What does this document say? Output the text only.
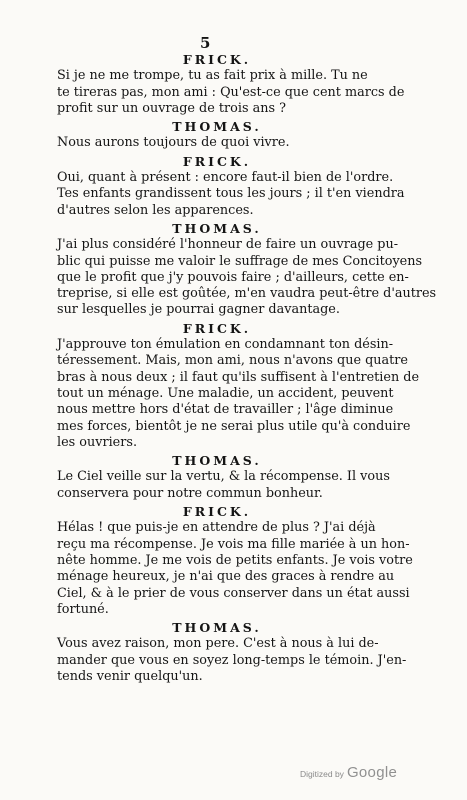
5
FRICK.
Si je ne me trompe, tu as fait prix à mille. Tu ne
te tireras pas, mon ami : Qu'est-ce que cent marcs de
profit sur un ouvrage de trois ans ?
THOMAS.
Nous aurons toujours de quoi vivre.
FRICK.
Oui, quant à présent : encore faut-il bien de l'ordre.
Tes enfants grandissent tous les jours ; il t'en viendra
d'autres selon les apparences.
THOMAS.
J'ai plus considéré l'honneur de faire un ouvrage pu-
blic qui puisse me valoir le suffrage de mes Concitoyens
que le profit que j'y pouvois faire ; d'ailleurs, cette en-
treprise, si elle est goûtée, m'en vaudra peut-être d'autres
sur lesquelles je pourrai gagner davantage.
FRICK.
J'approuve ton émulation en condamnant ton désin-
téressement. Mais, mon ami, nous n'avons que quatre
bras à nous deux ; il faut qu'ils suffisent à l'entretien de
tout un ménage. Une maladie, un accident, peuvent
nous mettre hors d'état de travailler ; l'âge diminue
mes forces, bientôt je ne serai plus utile qu'à conduire
les ouvriers.
THOMAS.
Le Ciel veille sur la vertu, & la récompense. Il vous
conservera pour notre commun bonheur.
FRICK.
Hélas ! que puis-je en attendre de plus ? J'ai déjà
reçu ma récompense. Je vois ma fille mariée à un hon-
nête homme. Je me vois de petits enfants. Je vois votre
ménage heureux, je n'ai que des graces à rendre au
Ciel, & à le prier de vous conserver dans un état aussi
fortuné.
THOMAS.
Vous avez raison, mon pere. C'est à nous à lui de-
mander que vous en soyez long-temps le témoin. J'en-
tends venir quelqu'un.
Digitized by Google
